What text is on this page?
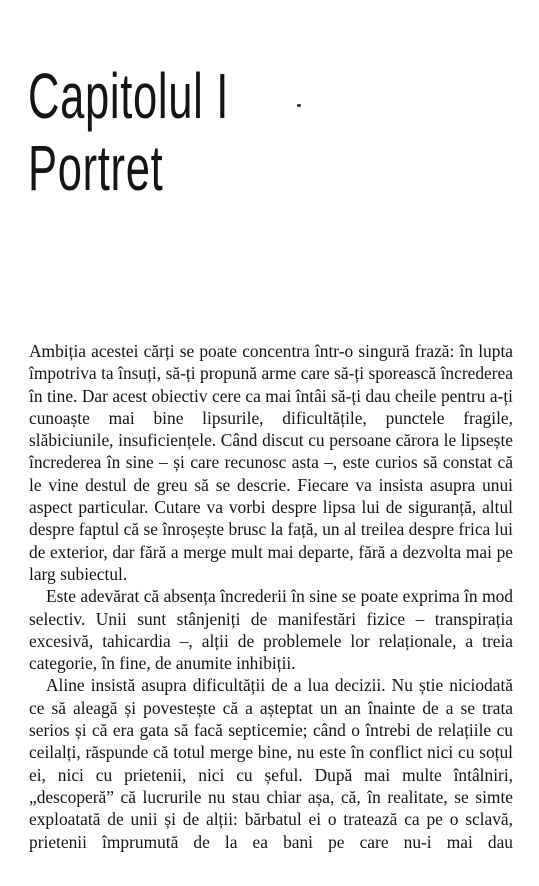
Capitolul I
Portret

Ambiția acestei cărți se poate concentra într-o singură frază: în lupta împotriva ta însuți, să-ți propună arme care să-ți sporească încrederea în tine. Dar acest obiectiv cere ca mai întâi să-ți dau cheile pentru a-ți cunoaște mai bine lipsurile, dificultățile, punctele fragile, slăbiciunile, insuficiențele. Când discut cu persoane cărora le lipsește încrederea în sine – și care recunosc asta –, este curios să constat că le vine destul de greu să se descrie. Fiecare va insista asupra unui aspect particular. Cutare va vorbi despre lipsa lui de siguranță, altul despre faptul că se înroșește brusc la față, un al treilea despre frica lui de exterior, dar fără a merge mult mai departe, fără a dezvolta mai pe larg subiectul.

Este adevărat că absența încrederii în sine se poate exprima în mod selectiv. Unii sunt stânjeniți de manifestări fizice – transpirația excesivă, tahicardia –, alții de problemele lor relaționale, a treia categorie, în fine, de anumite inhibiții.

Aline insistă asupra dificultății de a lua decizii. Nu știe niciodată ce să aleagă și povestește că a așteptat un an înainte de a se trata serios și că era gata să facă septicemie; când o întrebi de relațiile cu ceilalți, răspunde că totul merge bine, nu este în conflict nici cu soțul ei, nici cu prietenii, nici cu șeful. După mai multe întâlniri, „descoperă” că lucrurile nu stau chiar așa, că, în realitate, se simte exploatată de unii și de alții: bărbatul ei o tratează ca pe o sclavă, prietenii împrumută de la ea bani pe care nu-i mai dau
